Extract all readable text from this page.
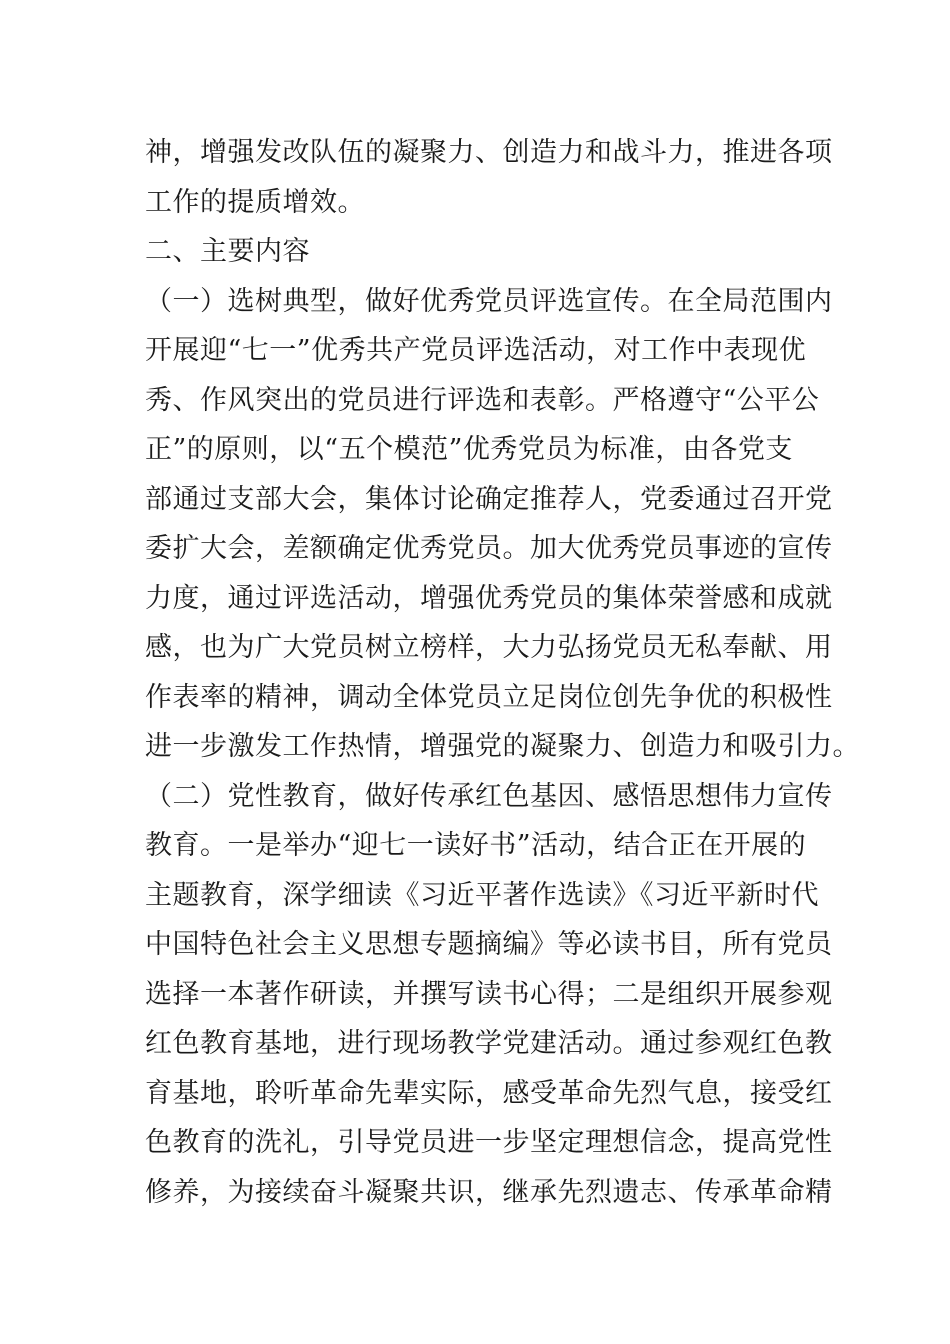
神，增强发改队伍的凝聚力、创造力和战斗力，推进各项
工作的提质增效。
二、主要内容
（一）选树典型，做好优秀党员评选宣传。在全局范围内
开展迎“七一”优秀共产党员评选活动，对工作中表现优
秀、作风突出的党员进行评选和表彰。严格遵守“公平公
正”的原则，以“五个模范”优秀党员为标准，由各党支
部通过支部大会，集体讨论确定推荐人，党委通过召开党
委扩大会，差额确定优秀党员。加大优秀党员事迹的宣传
力度，通过评选活动，增强优秀党员的集体荣誉感和成就
感，也为广大党员树立榜样，大力弘扬党员无私奉献、用
作表率的精神，调动全体党员立足岗位创先争优的积极性
进一步激发工作热情，增强党的凝聚力、创造力和吸引力。
（二）党性教育，做好传承红色基因、感悟思想伟力宣传
教育。一是举办“迎七一读好书”活动，结合正在开展的
主题教育，深学细读《习近平著作选读》《习近平新时代
中国特色社会主义思想专题摘编》等必读书目，所有党员
选择一本著作研读，并撰写读书心得；二是组织开展参观
红色教育基地，进行现场教学党建活动。通过参观红色教
育基地，聆听革命先辈实际，感受革命先烈气息，接受红
色教育的洗礼，引导党员进一步坚定理想信念，提高党性
修养，为接续奋斗凝聚共识，继承先烈遗志、传承革命精
